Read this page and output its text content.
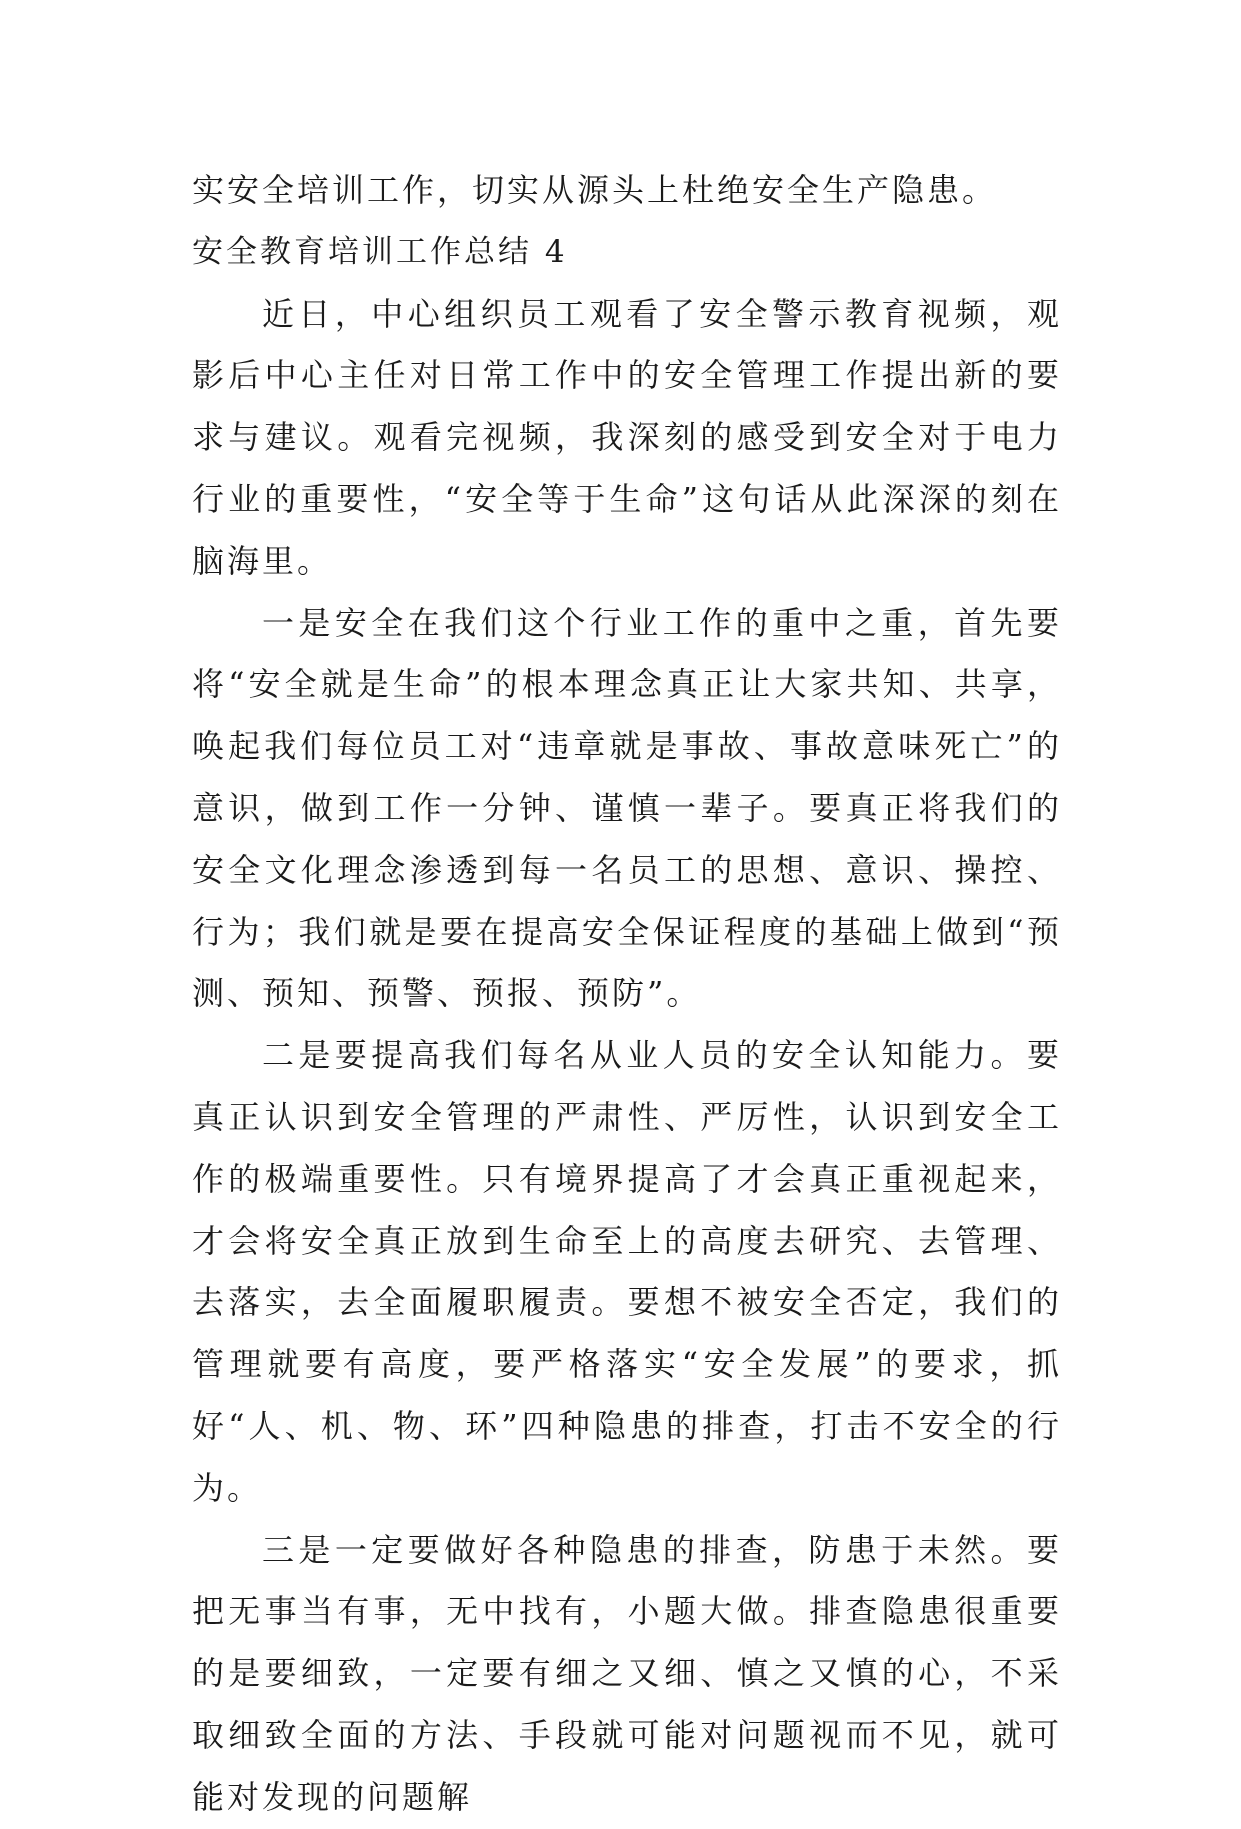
实安全培训工作，切实从源头上杜绝安全生产隐患。

安全教育培训工作总结 4

近日，中心组织员工观看了安全警示教育视频，观影后中心主任对日常工作中的安全管理工作提出新的要求与建议。观看完视频，我深刻的感受到安全对于电力行业的重要性，“安全等于生命”这句话从此深深的刻在脑海里。

一是安全在我们这个行业工作的重中之重，首先要将“安全就是生命”的根本理念真正让大家共知、共享，唤起我们每位员工对“违章就是事故、事故意味死亡”的意识，做到工作一分钟、谨慎一辈子。要真正将我们的安全文化理念渗透到每一名员工的思想、意识、操控、行为；我们就是要在提高安全保证程度的基础上做到“预测、预知、预警、预报、预防”。

二是要提高我们每名从业人员的安全认知能力。要真正认识到安全管理的严肃性、严厉性，认识到安全工作的极端重要性。只有境界提高了才会真正重视起来，才会将安全真正放到生命至上的高度去研究、去管理、去落实，去全面履职履责。要想不被安全否定，我们的管理就要有高度，要严格落实“安全发展”的要求，抓好“人、机、物、环”四种隐患的排查，打击不安全的行为。

三是一定要做好各种隐患的排查，防患于未然。要把无事当有事，无中找有，小题大做。排查隐患很重要的是要细致，一定要有细之又细、慎之又慎的心，不采取细致全面的方法、手段就可能对问题视而不见，就可能对发现的问题解
